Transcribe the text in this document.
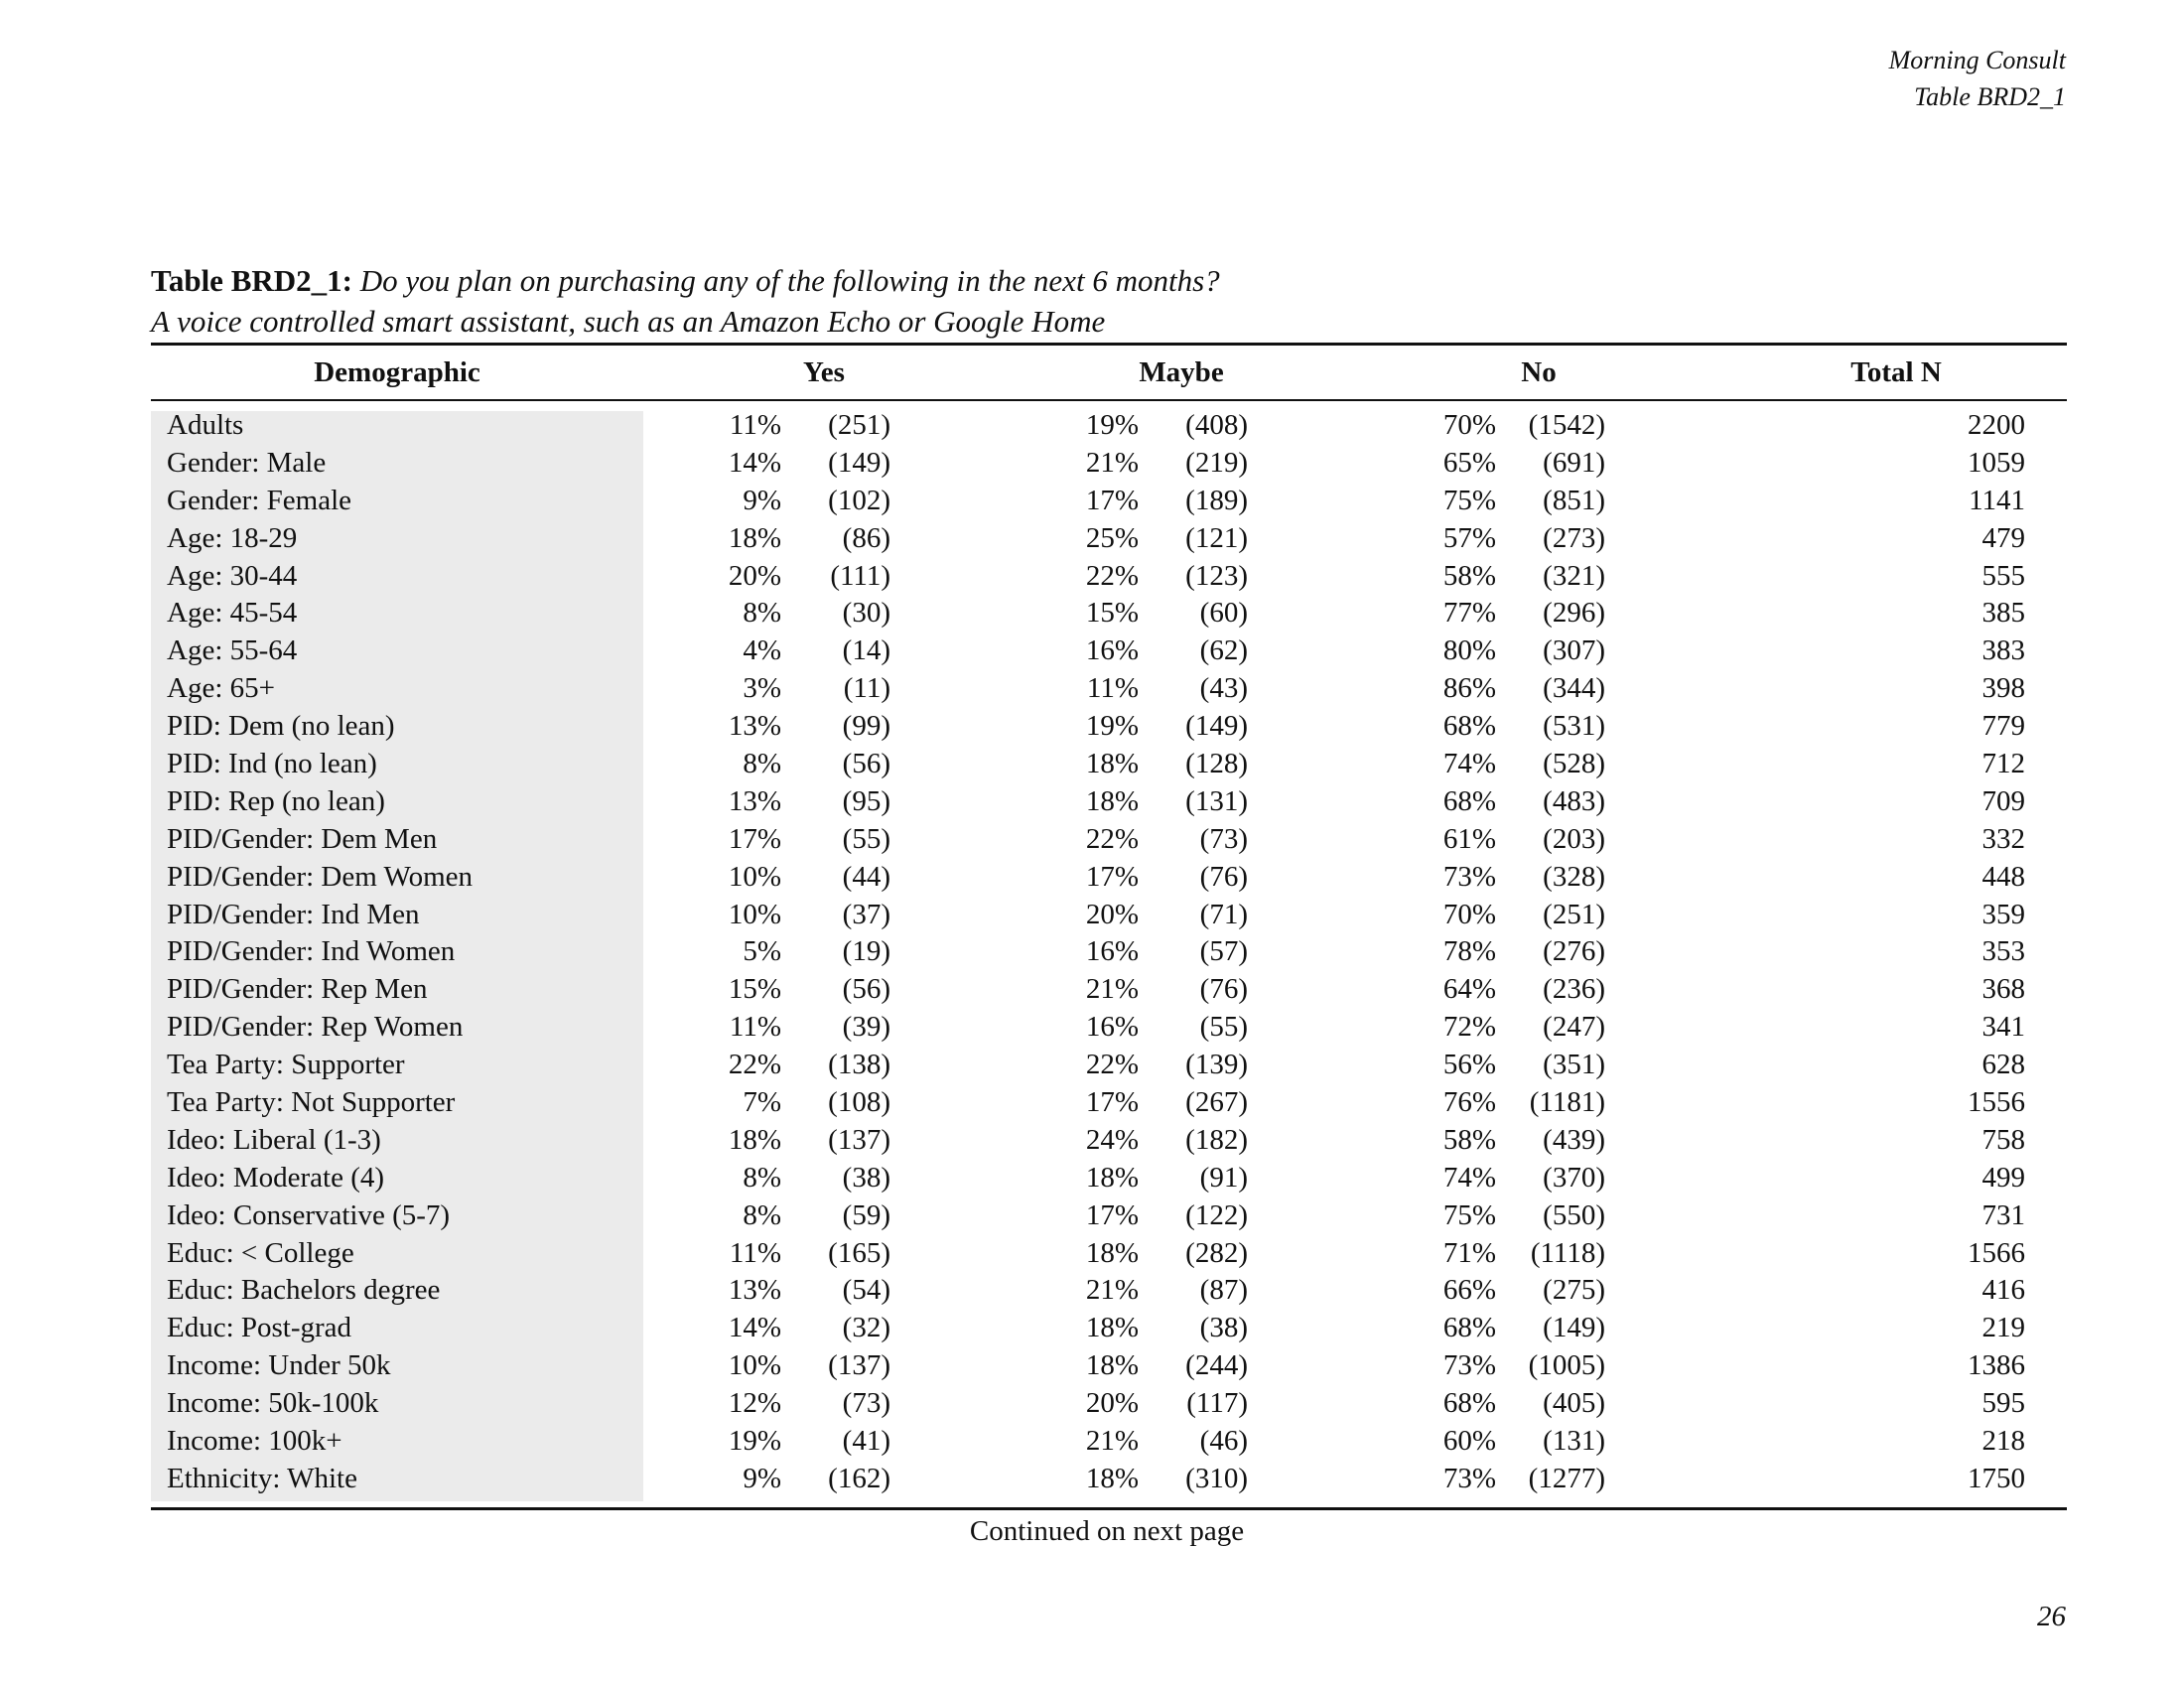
Morning Consult
Table BRD2_1
Table BRD2_1: Do you plan on purchasing any of the following in the next 6 months?
A voice controlled smart assistant, such as an Amazon Echo or Google Home
Demographic	Yes	Maybe	No	Total N
Adults	11% (251)	19% (408)	70% (1542)	2200
Gender: Male	14% (149)	21% (219)	65% (691)	1059
Gender: Female	9% (102)	17% (189)	75% (851)	1141
Age: 18-29	18% (86)	25% (121)	57% (273)	479
Age: 30-44	20% (111)	22% (123)	58% (321)	555
Age: 45-54	8% (30)	15% (60)	77% (296)	385
Age: 55-64	4% (14)	16% (62)	80% (307)	383
Age: 65+	3% (11)	11% (43)	86% (344)	398
PID: Dem (no lean)	13% (99)	19% (149)	68% (531)	779
PID: Ind (no lean)	8% (56)	18% (128)	74% (528)	712
PID: Rep (no lean)	13% (95)	18% (131)	68% (483)	709
PID/Gender: Dem Men	17% (55)	22% (73)	61% (203)	332
PID/Gender: Dem Women	10% (44)	17% (76)	73% (328)	448
PID/Gender: Ind Men	10% (37)	20% (71)	70% (251)	359
PID/Gender: Ind Women	5% (19)	16% (57)	78% (276)	353
PID/Gender: Rep Men	15% (56)	21% (76)	64% (236)	368
PID/Gender: Rep Women	11% (39)	16% (55)	72% (247)	341
Tea Party: Supporter	22% (138)	22% (139)	56% (351)	628
Tea Party: Not Supporter	7% (108)	17% (267)	76% (1181)	1556
Ideo: Liberal (1-3)	18% (137)	24% (182)	58% (439)	758
Ideo: Moderate (4)	8% (38)	18% (91)	74% (370)	499
Ideo: Conservative (5-7)	8% (59)	17% (122)	75% (550)	731
Educ: < College	11% (165)	18% (282)	71% (1118)	1566
Educ: Bachelors degree	13% (54)	21% (87)	66% (275)	416
Educ: Post-grad	14% (32)	18% (38)	68% (149)	219
Income: Under 50k	10% (137)	18% (244)	73% (1005)	1386
Income: 50k-100k	12% (73)	20% (117)	68% (405)	595
Income: 100k+	19% (41)	21% (46)	60% (131)	218
Ethnicity: White	9% (162)	18% (310)	73% (1277)	1750
Continued on next page
26
